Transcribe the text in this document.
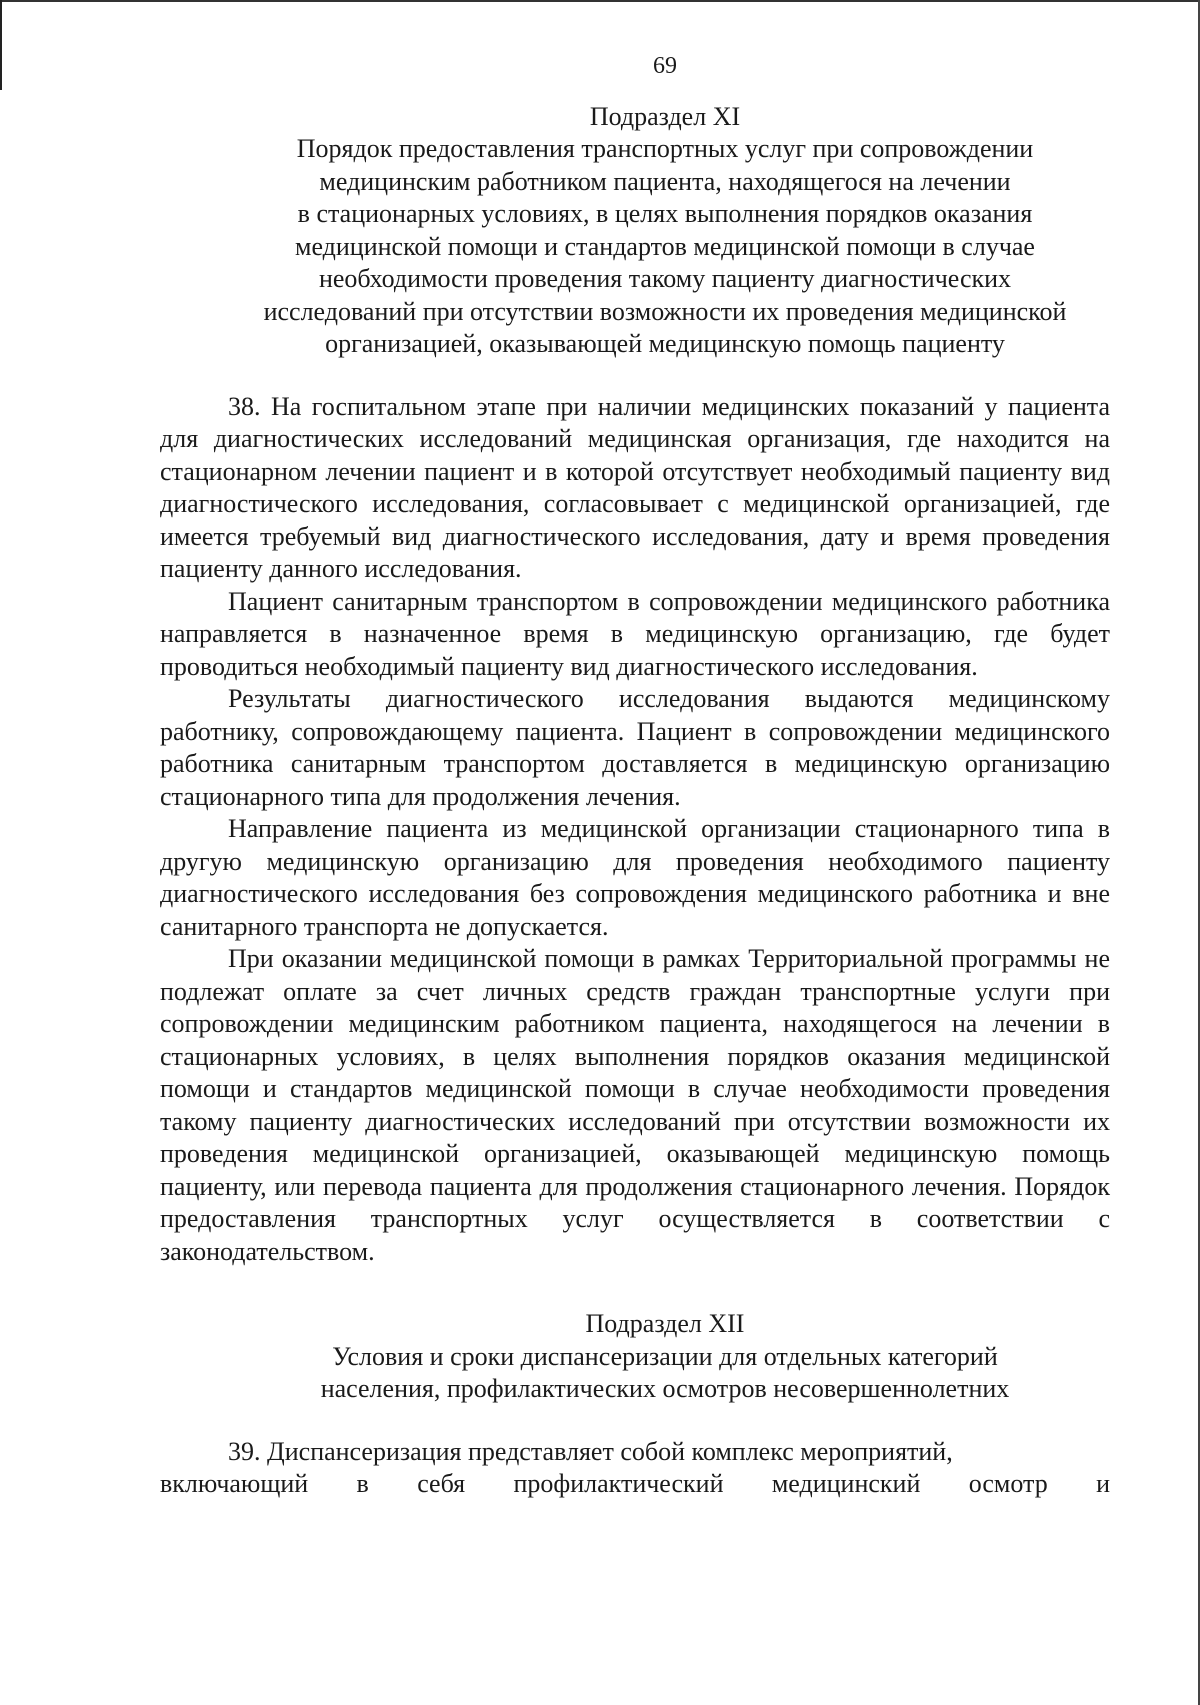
69
Подраздел XI
Порядок предоставления транспортных услуг при сопровождении
медицинским работником пациента, находящегося на лечении
в стационарных условиях, в целях выполнения порядков оказания
медицинской помощи и стандартов медицинской помощи в случае
необходимости проведения такому пациенту диагностических
исследований при отсутствии возможности их проведения медицинской
организацией, оказывающей медицинскую помощь пациенту

38. На госпитальном этапе при наличии медицинских показаний у пациента для диагностических исследований медицинская организация, где находится на стационарном лечении пациент и в которой отсутствует необходимый пациенту вид диагностического исследования, согласовывает с медицинской организацией, где имеется требуемый вид диагностического исследования, дату и время проведения пациенту данного исследования.

Пациент санитарным транспортом в сопровождении медицинского работника направляется в назначенное время в медицинскую организацию, где будет проводиться необходимый пациенту вид диагностического исследования.

Результаты диагностического исследования выдаются медицинскому работнику, сопровождающему пациента. Пациент в сопровождении медицинского работника санитарным транспортом доставляется в медицинскую организацию стационарного типа для продолжения лечения.

Направление пациента из медицинской организации стационарного типа в другую медицинскую организацию для проведения необходимого пациенту диагностического исследования без сопровождения медицинского работника и вне санитарного транспорта не допускается.

При оказании медицинской помощи в рамках Территориальной программы не подлежат оплате за счет личных средств граждан транспортные услуги при сопровождении медицинским работником пациента, находящегося на лечении в стационарных условиях, в целях выполнения порядков оказания медицинской помощи и стандартов медицинской помощи в случае необходимости проведения такому пациенту диагностических исследований при отсутствии возможности их проведения медицинской организацией, оказывающей медицинскую помощь пациенту, или перевода пациента для продолжения стационарного лечения. Порядок предоставления транспортных услуг осуществляется в соответствии с законодательством.

Подраздел XII
Условия и сроки диспансеризации для отдельных категорий
населения, профилактических осмотров несовершеннолетних

39. Диспансеризация представляет собой комплекс мероприятий,

включающий в себя профилактический медицинский осмотр и
